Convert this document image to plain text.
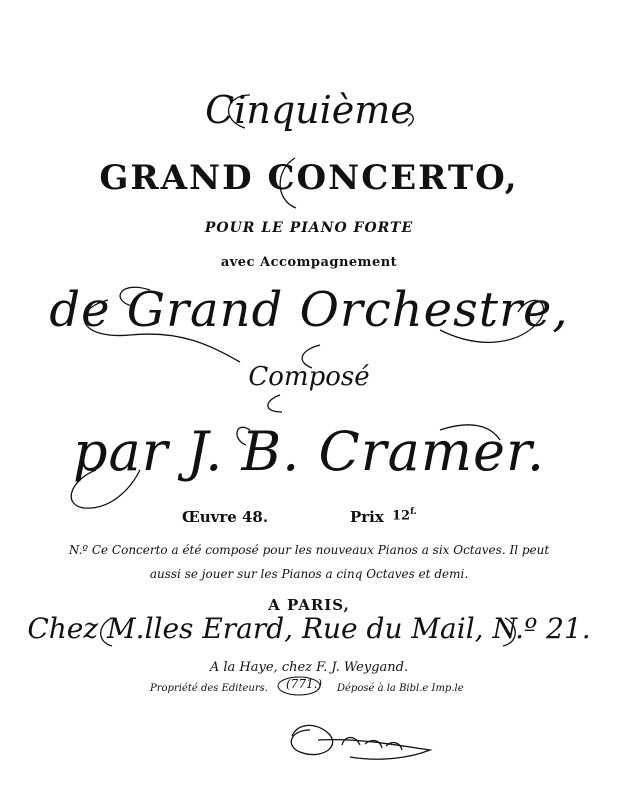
Cinquième
GRAND CONCERTO,
POUR LE PIANO FORTE
avec Accompagnement
de Grand Orchestre,
Composé
par J. B. Cramer.
Œuvre 48.	Prix $12^{f.}$
N.º Ce Concerto a été composé pour les nouveaux Pianos a six Octaves. Il peut
aussi se jouer sur les Pianos a cinq Octaves et demi.
A PARIS,
Chez M.lles Erard, Rue du Mail, N.º 21.
A la Haye, chez F. J. Weygand.
Propriété des Editeurs. (771.) Déposé à la Bibl.e Imp.le
